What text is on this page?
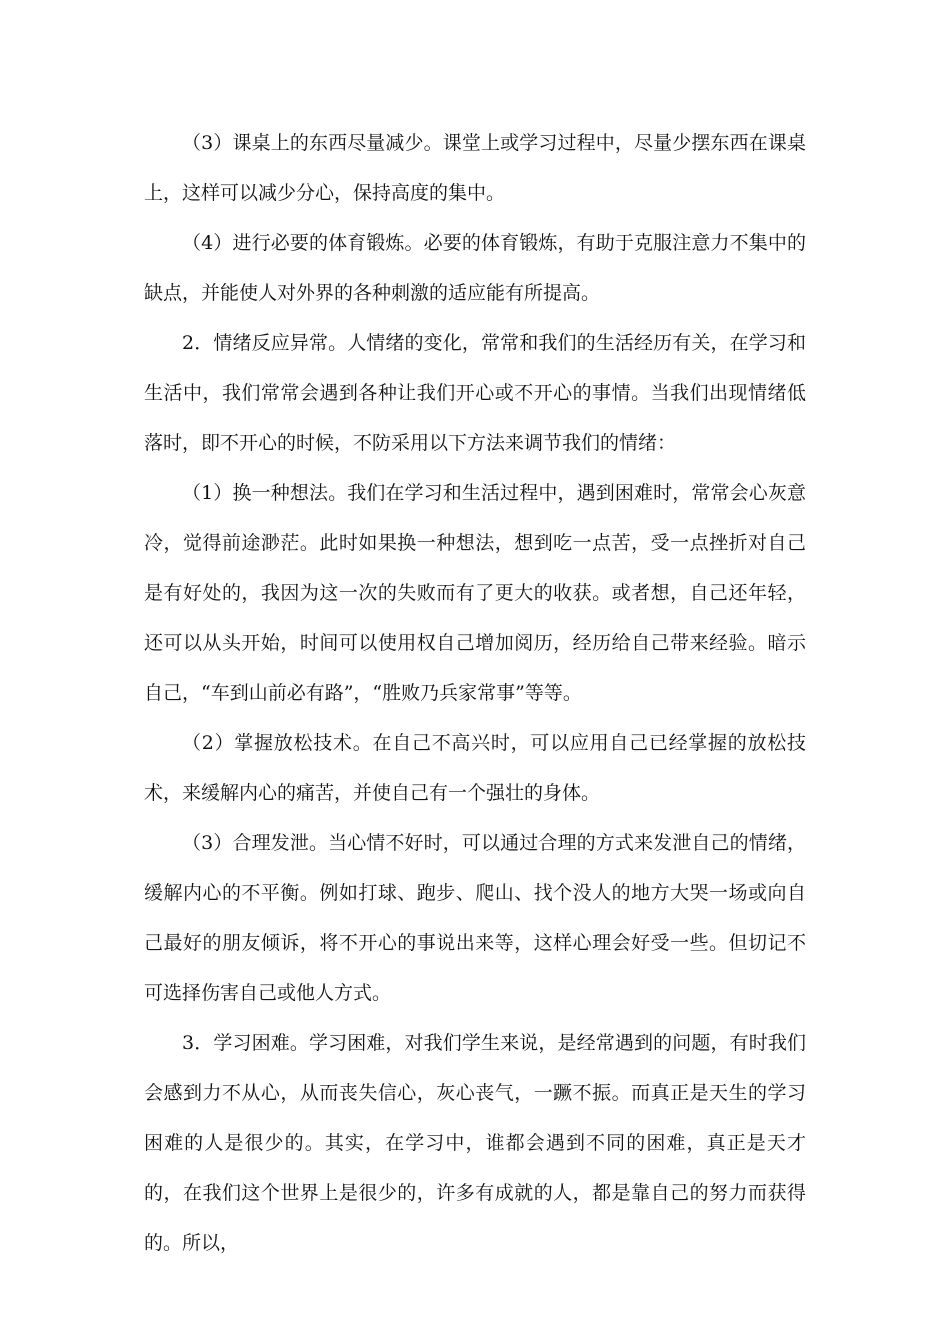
（3）课桌上的东西尽量减少。课堂上或学习过程中，尽量少摆东西在课桌上，这样可以减少分心，保持高度的集中。

（4）进行必要的体育锻炼。必要的体育锻炼，有助于克服注意力不集中的缺点，并能使人对外界的各种刺激的适应能有所提高。

2．情绪反应异常。人情绪的变化，常常和我们的生活经历有关，在学习和生活中，我们常常会遇到各种让我们开心或不开心的事情。当我们出现情绪低落时，即不开心的时候，不防采用以下方法来调节我们的情绪：

（1）换一种想法。我们在学习和生活过程中，遇到困难时，常常会心灰意冷，觉得前途渺茫。此时如果换一种想法，想到吃一点苦，受一点挫折对自己是有好处的，我因为这一次的失败而有了更大的收获。或者想，自己还年轻，还可以从头开始，时间可以使用权自己增加阅历，经历给自己带来经验。暗示自己，“车到山前必有路”，“胜败乃兵家常事”等等。

（2）掌握放松技术。在自己不高兴时，可以应用自己已经掌握的放松技术，来缓解内心的痛苦，并使自己有一个强壮的身体。

（3）合理发泄。当心情不好时，可以通过合理的方式来发泄自己的情绪，缓解内心的不平衡。例如打球、跑步、爬山、找个没人的地方大哭一场或向自己最好的朋友倾诉，将不开心的事说出来等，这样心理会好受一些。但切记不可选择伤害自己或他人方式。

3．学习困难。学习困难，对我们学生来说，是经常遇到的问题，有时我们会感到力不从心，从而丧失信心，灰心丧气，一蹶不振。而真正是天生的学习困难的人是很少的。其实，在学习中，谁都会遇到不同的困难，真正是天才的，在我们这个世界上是很少的，许多有成就的人，都是靠自己的努力而获得的。所以，
